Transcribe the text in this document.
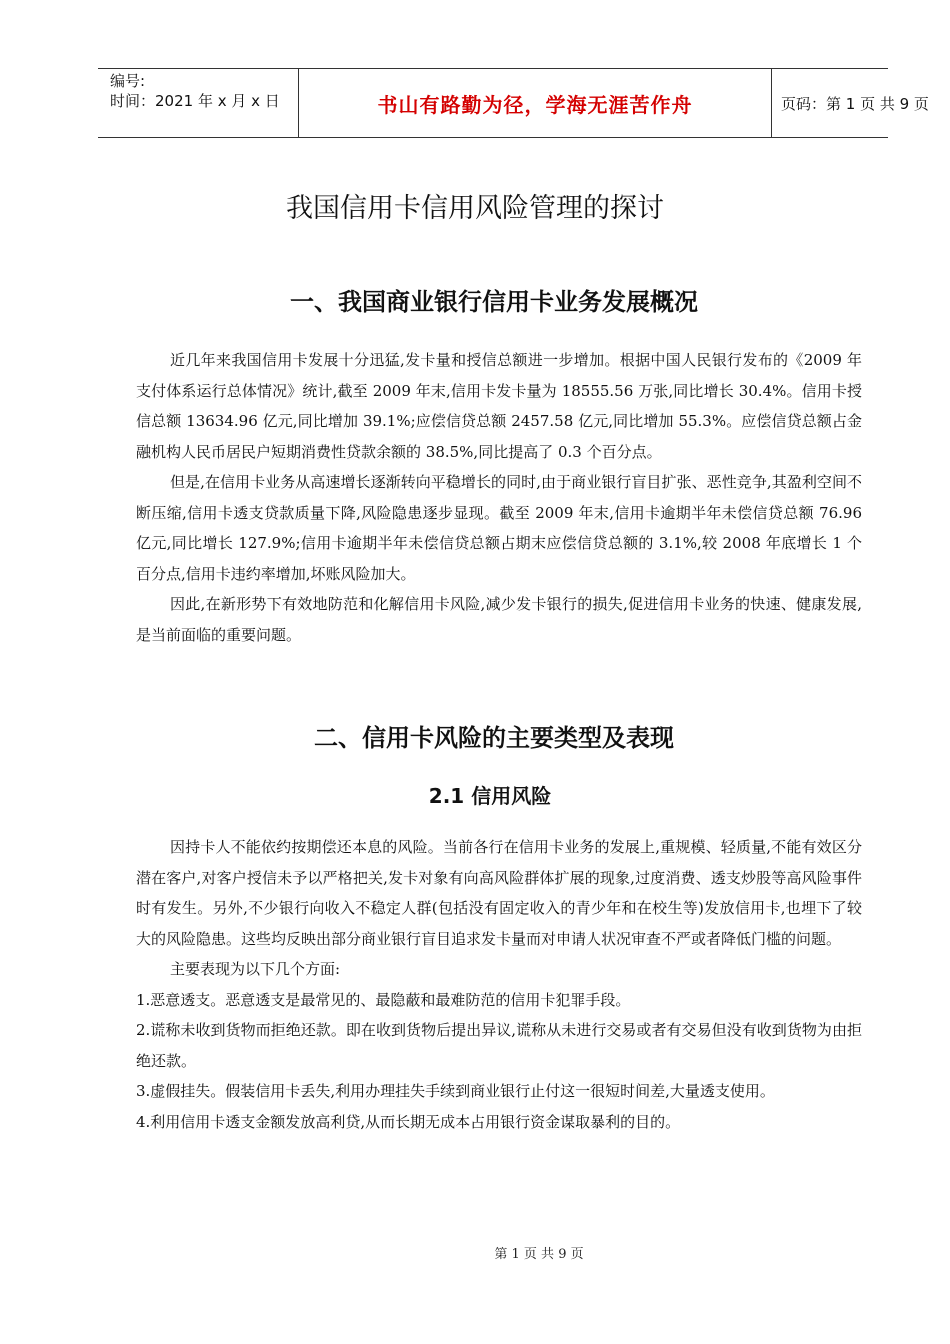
编号:
时间：2021 年 x 月 x 日	书山有路勤为径，学海无涯苦作舟	页码：第 1 页 共 9 页
我国信用卡信用风险管理的探讨
一、我国商业银行信用卡业务发展概况

近几年来我国信用卡发展十分迅猛,发卡量和授信总额进一步增加。根据中国人民银行发布的《2009 年支付体系运行总体情况》统计,截至 2009 年末,信用卡发卡量为 18555.56 万张,同比增长 30.4%。信用卡授信总额 13634.96 亿元,同比增加 39.1%;应偿信贷总额 2457.58 亿元,同比增加 55.3%。应偿信贷总额占金融机构人民币居民户短期消费性贷款余额的 38.5%,同比提高了 0.3 个百分点。

但是,在信用卡业务从高速增长逐渐转向平稳增长的同时,由于商业银行盲目扩张、恶性竞争,其盈利空间不断压缩,信用卡透支贷款质量下降,风险隐患逐步显现。截至 2009 年末,信用卡逾期半年未偿信贷总额 76.96 亿元,同比增长 127.9%;信用卡逾期半年未偿信贷总额占期末应偿信贷总额的 3.1%,较 2008 年底增长 1 个百分点,信用卡违约率增加,坏账风险加大。

因此,在新形势下有效地防范和化解信用卡风险,减少发卡银行的损失,促进信用卡业务的快速、健康发展,是当前面临的重要问题。

二、信用卡风险的主要类型及表现
2.1 信用风险

因持卡人不能依约按期偿还本息的风险。当前各行在信用卡业务的发展上,重规模、轻质量,不能有效区分潜在客户,对客户授信未予以严格把关,发卡对象有向高风险群体扩展的现象,过度消费、透支炒股等高风险事件时有发生。另外,不少银行向收入不稳定人群(包括没有固定收入的青少年和在校生等)发放信用卡,也埋下了较大的风险隐患。这些均反映出部分商业银行盲目追求发卡量而对申请人状况审查不严或者降低门槛的问题。

主要表现为以下几个方面:

1.恶意透支。恶意透支是最常见的、最隐蔽和最难防范的信用卡犯罪手段。

2.谎称未收到货物而拒绝还款。即在收到货物后提出异议,谎称从未进行交易或者有交易但没有收到货物为由拒绝还款。

3.虚假挂失。假装信用卡丢失,利用办理挂失手续到商业银行止付这一很短时间差,大量透支使用。

4.利用信用卡透支金额发放高利贷,从而长期无成本占用银行资金谋取暴利的目的。

第 1 页 共 9 页
